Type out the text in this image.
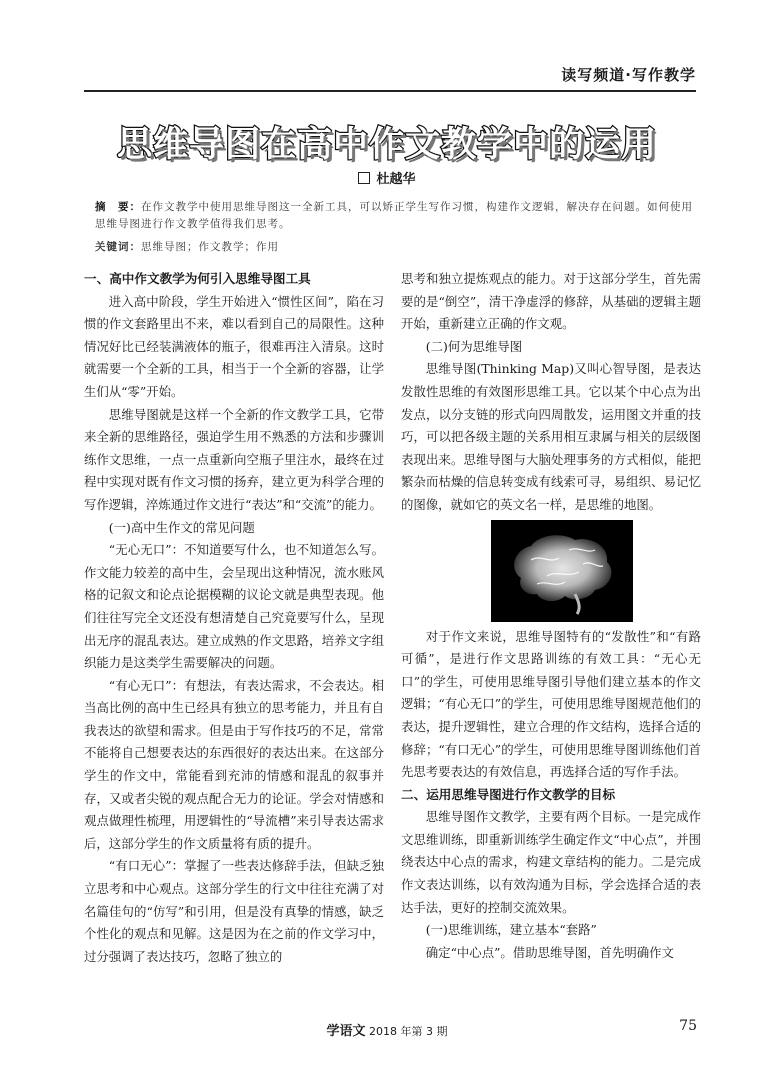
读写频道·写作教学
思维导图在高中作文教学中的运用
杜越华
摘　要：在作文教学中使用思维导图这一全新工具，可以矫正学生写作习惯，构建作文逻辑，解决存在问题。如何使用思维导图进行作文教学值得我们思考。
关键词：思维导图；作文教学；作用
一、高中作文教学为何引入思维导图工具

进入高中阶段，学生开始进入“惯性区间”，陷在习惯的作文套路里出不来，难以看到自己的局限性。这种情况好比已经装满液体的瓶子，很难再注入清泉。这时就需要一个全新的工具，相当于一个全新的容器，让学生们从“零”开始。

思维导图就是这样一个全新的作文教学工具，它带来全新的思维路径，强迫学生用不熟悉的方法和步骤训练作文思维，一点一点重新向空瓶子里注水，最终在过程中实现对既有作文习惯的扬弃，建立更为科学合理的写作逻辑，淬炼通过作文进行“表达”和“交流”的能力。

(一)高中生作文的常见问题

“无心无口”：不知道要写什么，也不知道怎么写。作文能力较差的高中生，会呈现出这种情况，流水账风格的记叙文和论点论据模糊的议论文就是典型表现。他们往往写完全文还没有想清楚自己究竟要写什么，呈现出无序的混乱表达。建立成熟的作文思路，培养文字组织能力是这类学生需要解决的问题。

“有心无口”：有想法，有表达需求，不会表达。相当高比例的高中生已经具有独立的思考能力，并且有自我表达的欲望和需求。但是由于写作技巧的不足，常常不能将自己想要表达的东西很好的表达出来。在这部分学生的作文中，常能看到充沛的情感和混乱的叙事并存，又或者尖锐的观点配合无力的论证。学会对情感和观点做理性梳理，用逻辑性的“导流槽”来引导表达需求后，这部分学生的作文质量将有质的提升。

“有口无心”：掌握了一些表达修辞手法，但缺乏独立思考和中心观点。这部分学生的行文中往往充满了对名篇佳句的“仿写”和引用，但是没有真挚的情感，缺乏个性化的观点和见解。这是因为在之前的作文学习中，过分强调了表达技巧，忽略了独立的

思考和独立提炼观点的能力。对于这部分学生，首先需要的是“倒空”，清干净虚浮的修辞，从基础的逻辑主题开始，重新建立正确的作文观。

(二)何为思维导图

思维导图(Thinking Map)又叫心智导图，是表达发散性思维的有效图形思维工具。它以某个中心点为出发点，以分支链的形式向四周散发，运用图文并重的技巧，可以把各级主题的关系用相互隶属与相关的层级图表现出来。思维导图与大脑处理事务的方式相似，能把繁杂而枯燥的信息转变成有线索可寻，易组织、易记忆的图像，就如它的英文名一样，是思维的地图。

对于作文来说，思维导图特有的“发散性”和“有路可循”，是进行作文思路训练的有效工具：“无心无口”的学生，可使用思维导图引导他们建立基本的作文逻辑；“有心无口”的学生，可使用思维导图规范他们的表达，提升逻辑性，建立合理的作文结构，选择合适的修辞；“有口无心”的学生，可使用思维导图训练他们首先思考要表达的有效信息，再选择合适的写作手法。

二、运用思维导图进行作文教学的目标

思维导图作文教学，主要有两个目标。一是完成作文思维训练，即重新训练学生确定作文“中心点”，并围绕表达中心点的需求，构建文章结构的能力。二是完成作文表达训练，以有效沟通为目标，学会选择合适的表达手法，更好的控制交流效果。

(一)思维训练，建立基本“套路”

确定“中心点”。借助思维导图，首先明确作文

学语文 2018 年第 3 期	75
